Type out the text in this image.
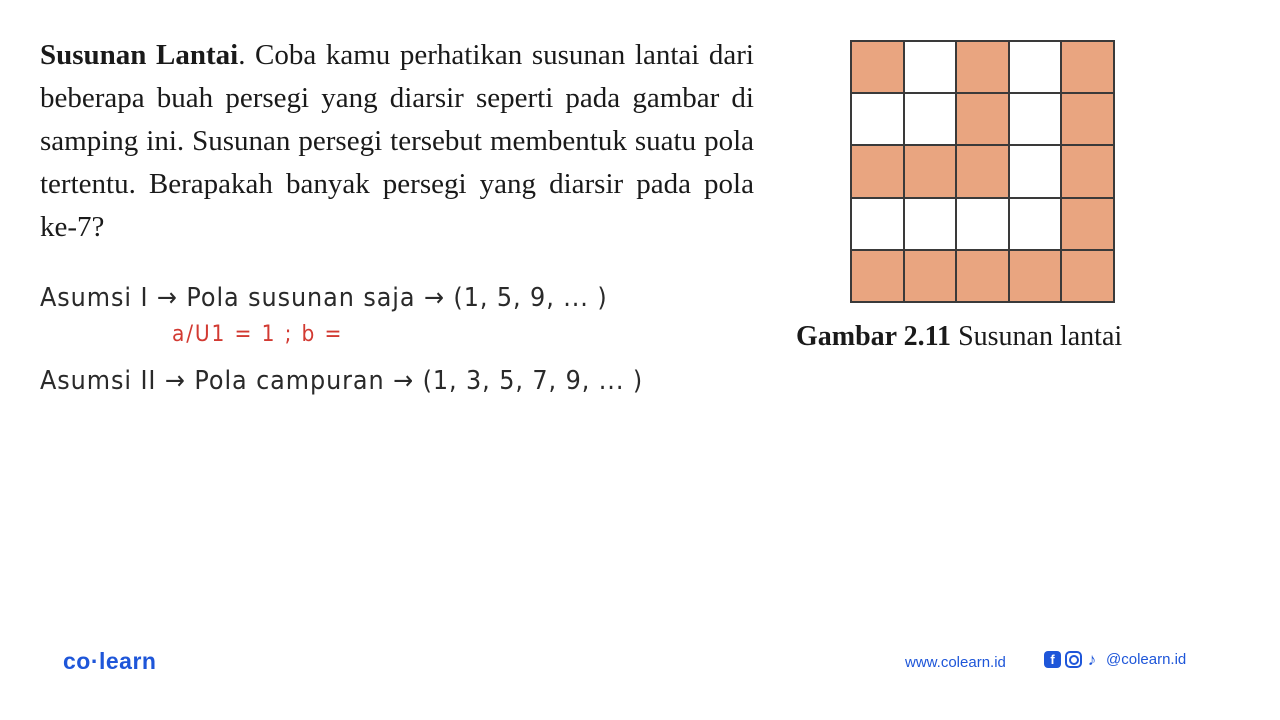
Susunan Lantai. Coba kamu perhatikan susunan lantai dari beberapa buah persegi yang diarsir seperti pada gambar di samping ini. Susunan persegi tersebut membentuk suatu pola tertentu. Berapakah banyak persegi yang diarsir pada pola ke-7?

Asumsi I → Pola susunan saja → (1, 5, 9, ... )
a/U1 = 1 ; b =
Asumsi II → Pola campuran → (1, 3, 5, 7, 9, ... )

Gambar 2.11 Susunan lantai

co·learn	www.colearn.id	f	♪ @colearn.id
